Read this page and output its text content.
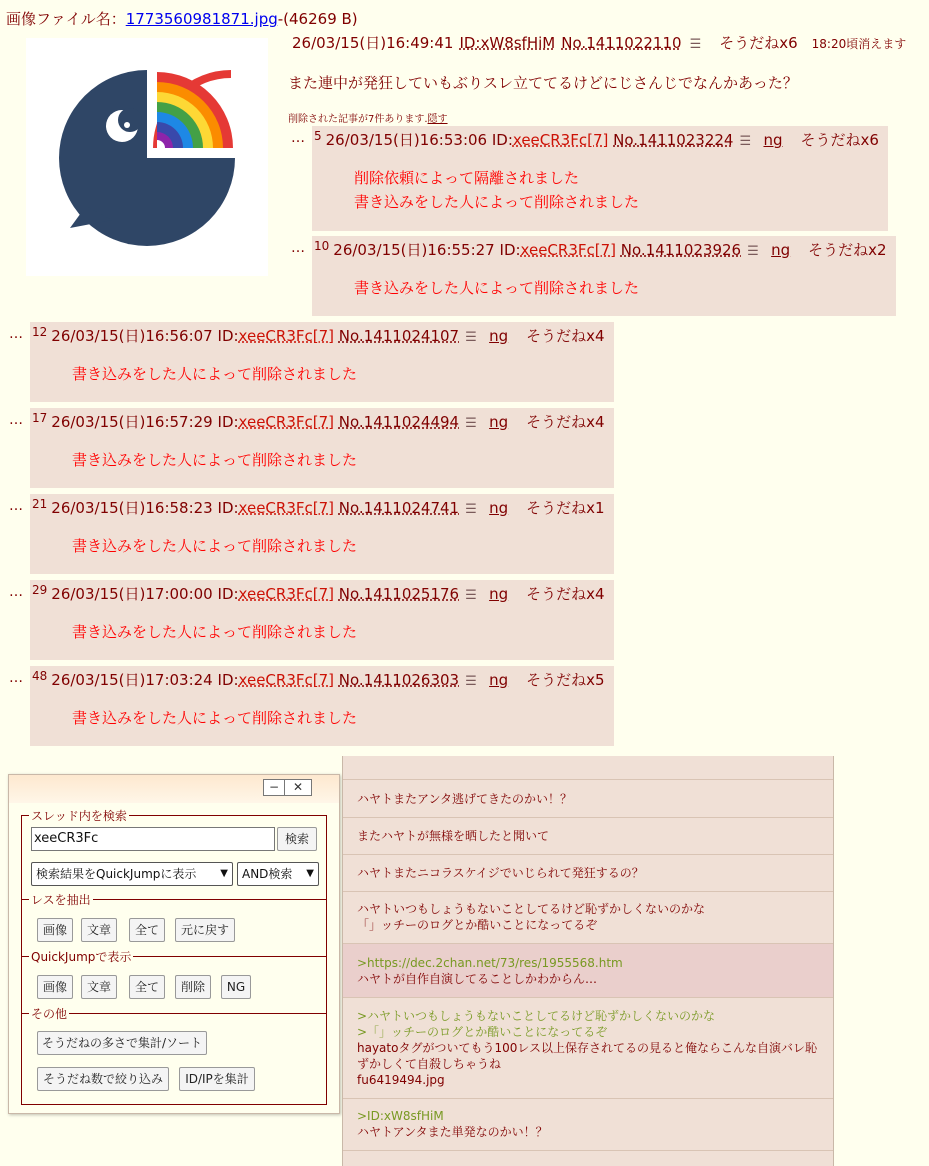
画像ファイル名：1773560981871.jpg-(46269 B)
26/03/15(日)16:49:41 ID:xW8sfHiM No.1411022110 ☰ そうだねx6 18:20頃消えます
また連中が発狂していもぶりスレ立ててるけどにじさんじでなんかあった？
削除された記事が7件あります.隠す
… $^5$ 26/03/15(日)16:53:06 ID:xeeCR3Fc[7] No.1411023224 ☰ ng そうだねx6
削除依頼によって隔離されました
書き込みをした人によって削除されました
… $^{10}$ 26/03/15(日)16:55:27 ID:xeeCR3Fc[7] No.1411023926 ☰ ng そうだねx2
書き込みをした人によって削除されました
… $^{12}$ 26/03/15(日)16:56:07 ID:xeeCR3Fc[7] No.1411024107 ☰ ng そうだねx4
書き込みをした人によって削除されました
… $^{17}$ 26/03/15(日)16:57:29 ID:xeeCR3Fc[7] No.1411024494 ☰ ng そうだねx4
書き込みをした人によって削除されました
… $^{21}$ 26/03/15(日)16:58:23 ID:xeeCR3Fc[7] No.1411024741 ☰ ng そうだねx1
書き込みをした人によって削除されました
… $^{29}$ 26/03/15(日)17:00:00 ID:xeeCR3Fc[7] No.1411025176 ☰ ng そうだねx4
書き込みをした人によって削除されました
… $^{48}$ 26/03/15(日)17:03:24 ID:xeeCR3Fc[7] No.1411026303 ☰ ng そうだねx5
書き込みをした人によって削除されました
−	✕
スレッド内を検索
xeeCR3Fc	検索
検索結果をQuickJumpに表示 ▼	AND検索 ▼
レスを抽出
画像	文章	全て	元に戻す
QuickJumpで表示
画像	文章	全て	削除	NG
その他
そうだねの多さで集計/ソート
そうだね数で絞り込み	ID/IPを集計
ハヤトまたアンタ逃げてきたのかい！？
またハヤトが無様を晒したと聞いて
ハヤトまたニコラスケイジでいじられて発狂するの？
ハヤトいつもしょうもないことしてるけど恥ずかしくないのかな
「」ッチーのログとか酷いことになってるぞ
>https://dec.2chan.net/73/res/1955568.htm
ハヤトが自作自演してることしかわからん…
>ハヤトいつもしょうもないことしてるけど恥ずかしくないのかな
>「」ッチーのログとか酷いことになってるぞ
hayatoタグがついてもう100レス以上保存されてるの見ると俺ならこんな自演バレ恥
ずかしくて自殺しちゃうね
fu6419494.jpg
>ID:xW8sfHiM
ハヤトアンタまた単発なのかい！？
